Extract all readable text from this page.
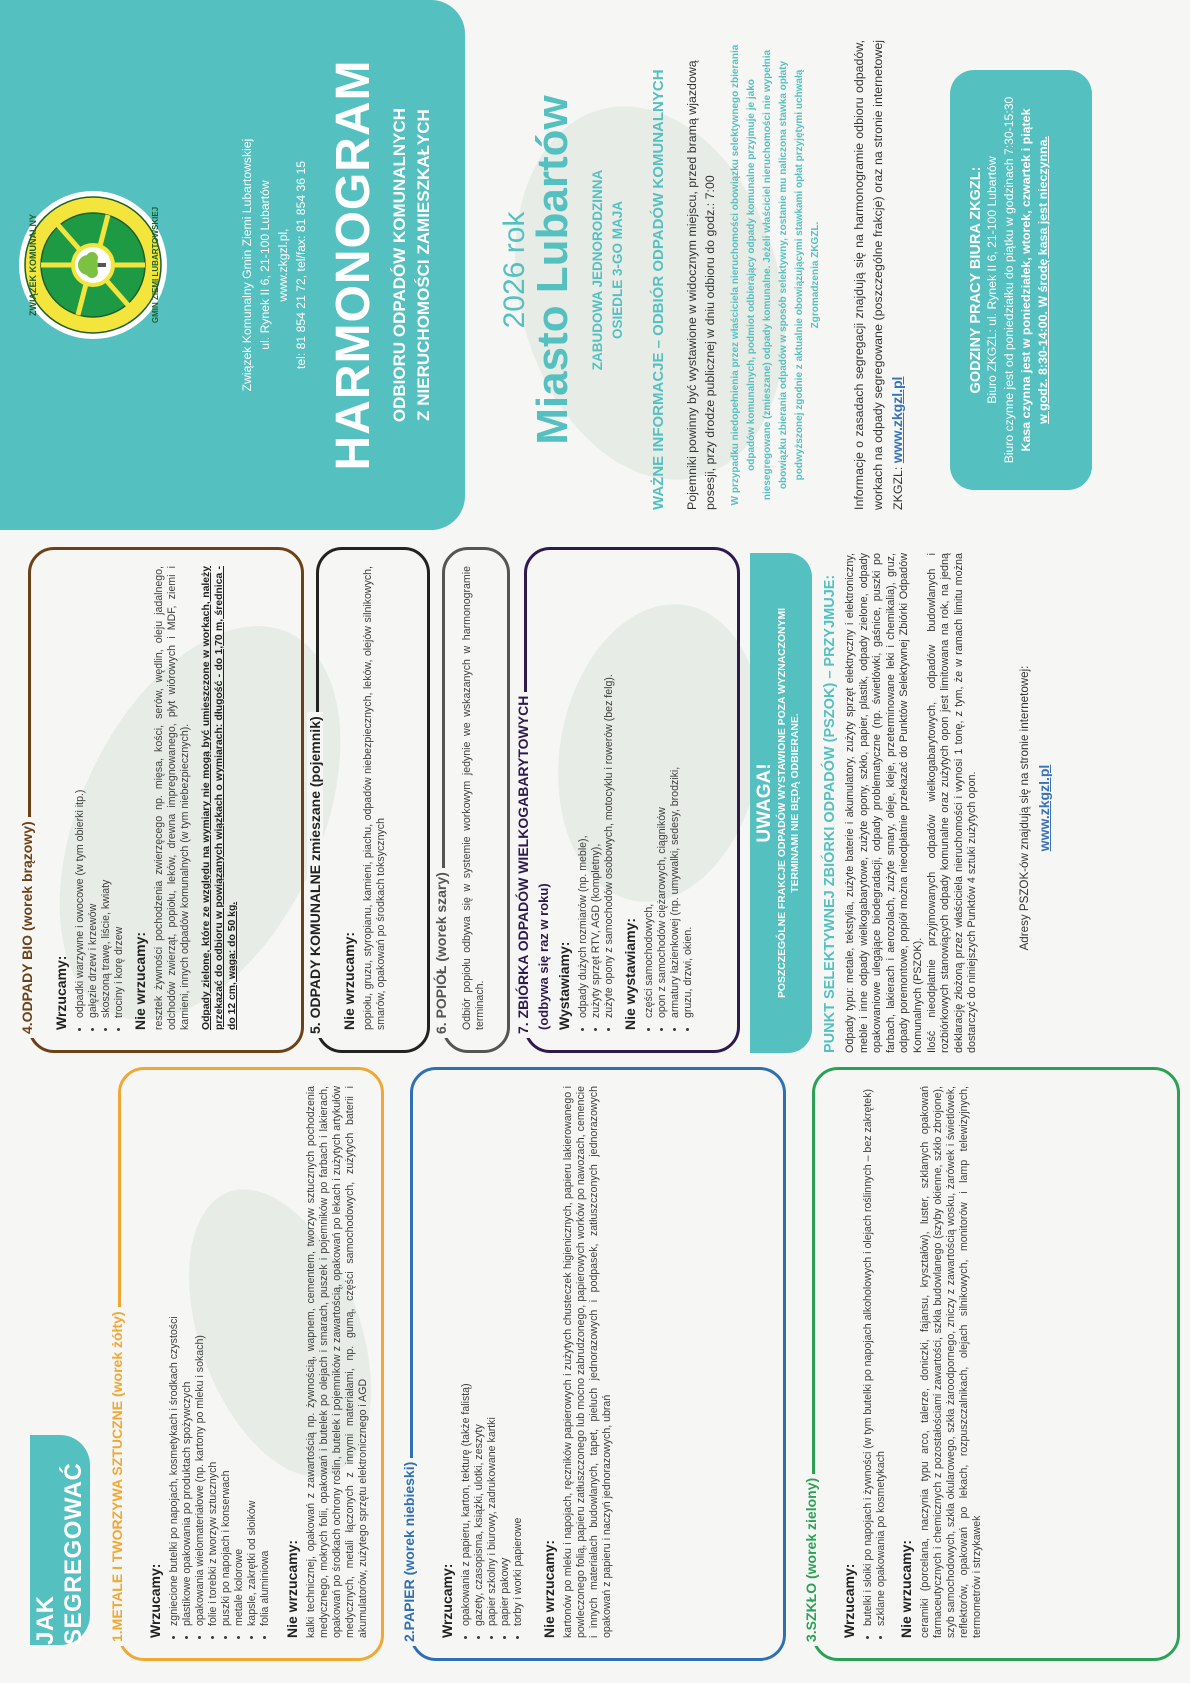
JAK SEGREGOWAĆ 1.METALE I TWORZYWA SZTUCZNE (worek żółty) Wrzucamy: • zgniecione butelki po napojach, kosmetykach i środkach czystości • plastikowe opakowania po produktach spożywczych • opakowania wielomateriałowe (np. kartony po mleku i sokach) • folie i torebki z tworzyw sztucznych • puszki po napojach i konserwach • metale kolorowe • kapsle, zakrętki od słoików • folia aluminiowa Nie wrzucamy: kalki technicznej, opakowań z zawartością np. żywnością, wapnem, cementem, tworzyw sztucznych pochodzenia medycznego, mokrych folii, opakowań i butelek po olejach i smarach, puszek i pojemników po farbach i lakierach, opakowań po środkach ochrony roślin, butelek i pojemników z zawartością, opakowań po lekach i zużytych artykułów medycznych, metali łączonych z innymi materiałami, np. gumą, części samochodowych, zużytych baterii i akumulatorów, zużytego sprzętu elektronicznego i AGD 2.PAPIER (worek niebieski) Wrzucamy: • opakowania z papieru, karton, tekturę (także falistą) • gazety, czasopisma, książki, ulotki, zeszyty • papier szkolny i biurowy, zadrukowane kartki • papier pakowy • torby i worki papierowe Nie wrzucamy: kartonów po mleku i napojach, ręczników papierowych i zużytych chusteczek higienicznych, papieru lakierowanego i powleczonego folią, papieru zatłuszczonego lub mocno zabrudzonego, papierowych worków po nawozach, cemencie i innych materiałach budowlanych, tapet, pieluch jednorazowych i podpasek, zatłuszczonych jednorazowych opakowań z papieru i naczyń jednorazowych, ubrań	3.SZKŁO (worek zielony) Wrzucamy: • butelki i słoiki po napojach i żywności (w tym butelki po napojach alkoholowych i olejach roślinnych – bez zakrętek) • szklane opakowania po kosmetykach Nie wrzucamy: ceramiki (porcelana, naczynia typu arco, talerze, doniczki, fajansu, kryształów), luster, szklanych opakowań farmaceutycznych i chemicznych z pozostałościami zawartości, szkła budowlanego (szyby okienne, szkło zbrojone), szyb samochodowych, szkła okularowego, szkła żaroodpornego, zniczy z zawartością wosku, żarówek i świetlówek, reflektorów, opakowań po lekach, rozpuszczalnikach, olejach silnikowych, monitorów i lamp telewizyjnych, termometrów i strzykawek

4.ODPADY BIO (worek brązowy) Wrzucamy: • odpadki warzywne i owocowe (w tym obierki itp.) • gałęzie drzew i krzewów • skoszoną trawę, liście, kwiaty • trociny i korę drzew Nie wrzucamy: resztek żywności pochodzenia zwierzęcego np. mięsa, kości, serów, wędlin, oleju jadalnego, odchodów zwierząt, popiołu, leków, drewna impregnowanego, płyt wiórowych i MDF, ziemi i kamieni, innych odpadów komunalnych (w tym niebezpiecznych). Odpady zielone, które ze względu na wymiary nie mogą być umieszczone w workach, należy przekazać do odbioru w powiązanych wiązkach o wymiarach: długość - do 1,70 m, średnica - do 12 cm, waga: do 50 kg.	5. ODPADY KOMUNALNE zmieszane (pojemnik) Nie wrzucamy: popiołu, gruzu, styropianu, kamieni, piachu, odpadów niebezpiecznych, leków, olejów silnikowych, smarów, opakowań po środkach toksycznych	6. POPIÓŁ (worek szary) Odbiór popiołu odbywa się w systemie workowym jedynie we wskazanych w harmonogramie terminach. 7. ZBIÓRKA ODPADÓW WIELKOGABARYTOWYCH (odbywa się raz w roku) Wystawiamy: • odpady dużych rozmiarów (np. meble), • zużyty sprzęt RTV, AGD (kompletny), • zużyte opony z samochodów osobowych, motocyklu i rowerów (bez felg). Nie wystawiamy: • części samochodowych, • opon z samochodów ciężarowych, ciągników • armatury łazienkowej (np. umywalki, sedesy, brodziki, • gruzu, drzwi, okien.
UWAGA! POSZCZEGÓLNE FRAKCJE ODPADÓW WYSTAWIONE POZA WYZNACZONYMI TERMINAMI NIE BĘDĄ ODBIERANE. PUNKT SELEKTYWNEJ ZBIÓRKI ODPADÓW (PSZOK) – PRZYJMUJE: Odpady typu: metale, tekstylia, zużyte baterie i akumulatory, zużyty sprzęt elektryczny i elektroniczny, meble i inne odpady wielkogabarytowe, zużyte opony, szkło, papier, plastik, odpady zielone, odpady opakowaniowe ulegające biodegradacji, odpady problematyczne (np. świetlówki, gaśnice, puszki po farbach, lakierach i aerozolach, zużyte smary, oleje, kleje, przeterminowane leki i chemikalia), gruz, odpady poremontowe, popiół można nieodpłatnie przekazać do Punktów Selektywnej Zbiórki Odpadów Komunalnych (PSZOK). Ilość nieodpłatnie przyjmowanych odpadów wielkogabarytowych, odpadów budowlanych i rozbiórkowych stanowiących odpady komunalne oraz zużytych opon jest limitowana na rok, na jedną deklarację złożoną przez właściciela nieruchomości i wynosi 1 tonę, z tym, że w ramach limitu można dostarczyć do niniejszych Punktów 4 sztuki zużytych opon.	Adresy PSZOK-ów znajdują się na stronie internetowej: www.zkgzl.pl
ZWIĄZEK KOMUNALNY	GMIN ZIEMI LUBARTOWSKIEJ	Związek Komunalny Gmin Ziemi Lubartowskiej ul. Rynek II 6, 21-100 Lubartów www.zkgzl.pl, tel: 81 854 21 72, tel/fax: 81 854 36 15 HARMONOGRAM ODBIORU ODPADÓW KOMUNALNYCH Z NIERUCHOMOŚCI ZAMIESZKAŁYCH 2026 rok
Miasto Lubartów ZABUDOWA JEDNORODZINNA OSIEDLE 3-GO MAJA WAŻNE INFORMACJE – ODBIÓR ODPADÓW KOMUNALNYCH Pojemniki powinny być wystawione w widocznym miejscu, przed bramą wjazdową posesji, przy drodze publicznej w dniu odbioru do godz.: 7:00 W przypadku niedopełnienia przez właściciela nieruchomości obowiązku selektywnego zbierania odpadów komunalnych, podmiot odbierający odpady komunalne przyjmuje je jako niesegregowane (zmieszane) odpady komunalne. Jeżeli właściciel nieruchomości nie wypełnia obowiązku zbierania odpadów w sposób selektywny, zostanie mu naliczona stawka opłaty podwyższonej zgodnie z aktualnie obowiązującymi stawkami opłat przyjętymi uchwałą Zgromadzenia ZKGZL.	Informacje o zasadach segregacji znajdują się na harmonogramie odbioru odpadów, workach na odpady segregowane (poszczególne frakcje) oraz na stronie internetowej ZKGZL: www.zkgzl.pl
GODZINY PRACY BIURA ZKGZL: Biuro ZKGZL: ul. Rynek II 6, 21-100 Lubartów Biuro czynne jest od poniedziałku do piątku w godzinach 7:30-15:30 Kasa czynna jest w poniedziałek, wtorek, czwartek i piątek w godz. 8:30-14:00. W środę kasa jest nieczynna.
